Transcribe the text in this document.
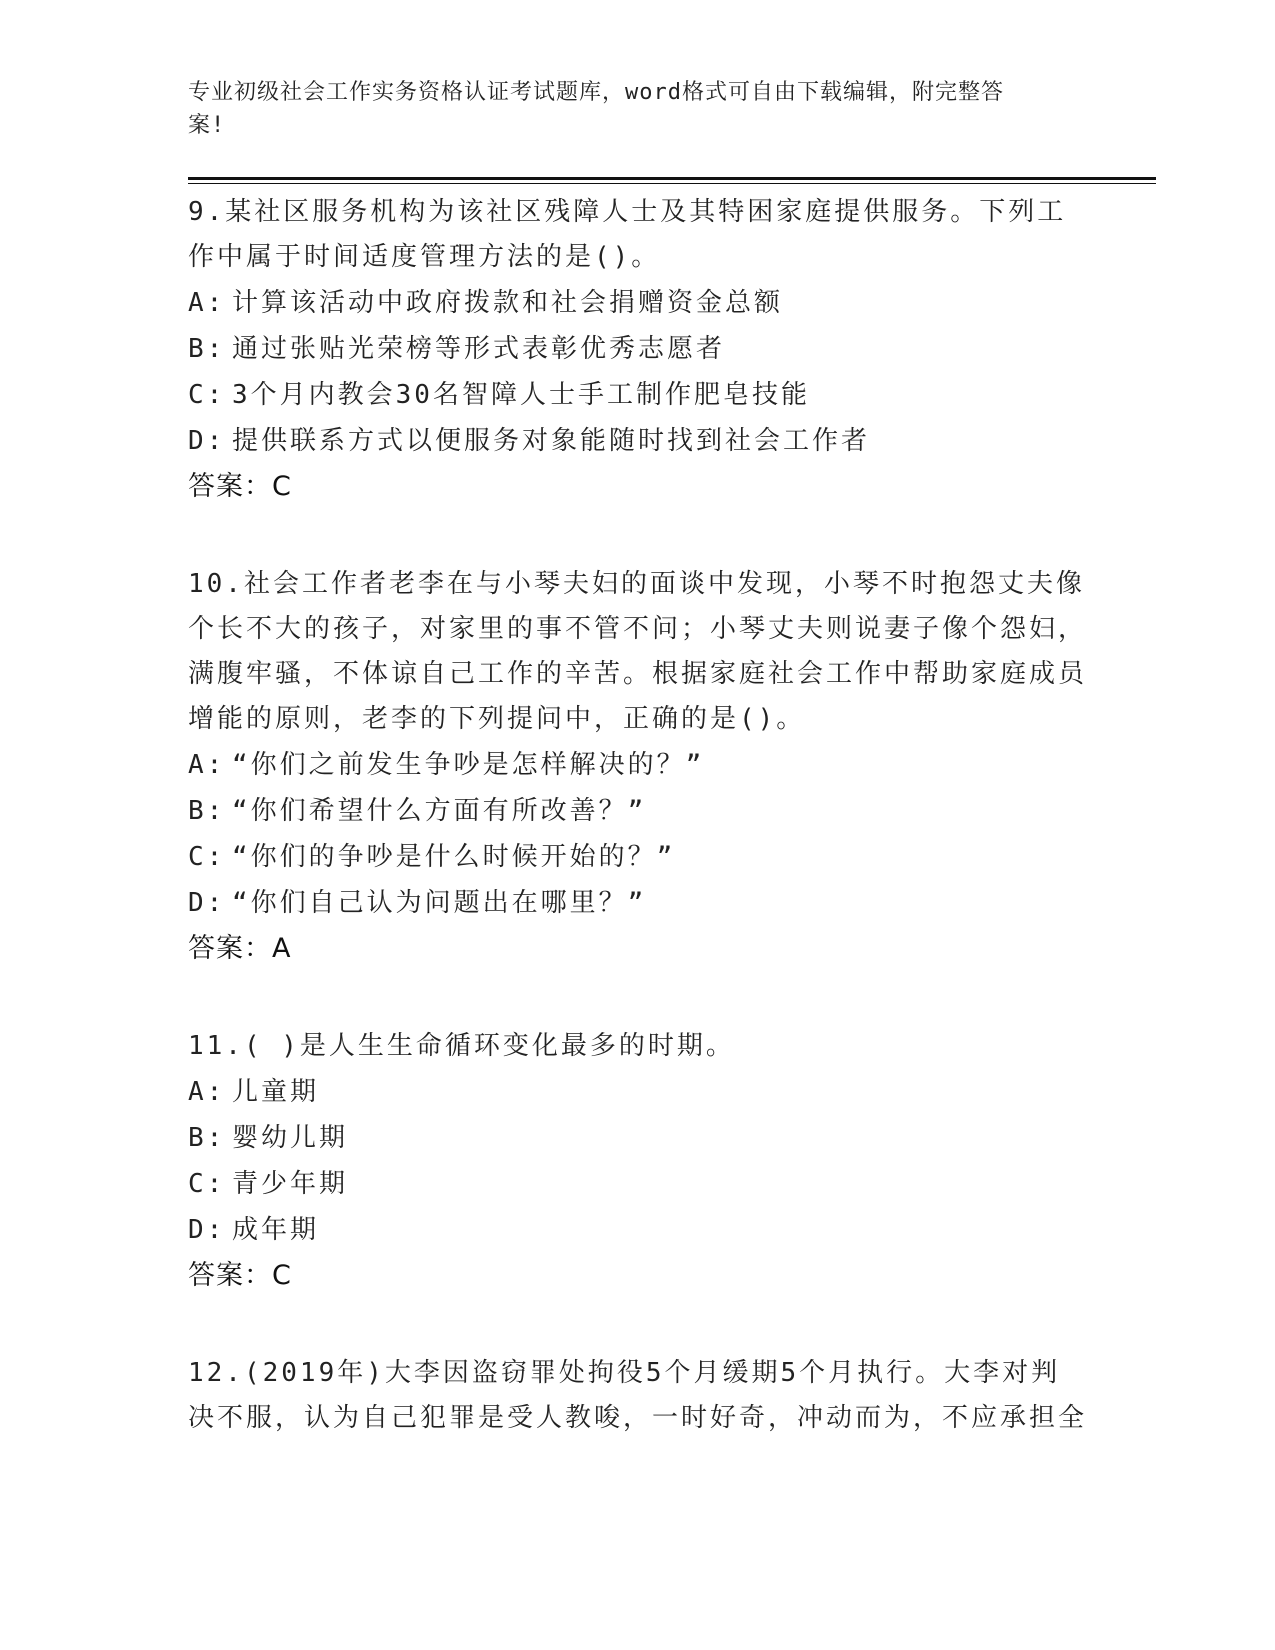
专业初级社会工作实务资格认证考试题库，word格式可自由下载编辑，附完整答
案!
9.某社区服务机构为该社区残障人士及其特困家庭提供服务。下列工作中属于时间适度管理方法的是()。
A: 计算该活动中政府拨款和社会捐赠资金总额
B: 通过张贴光荣榜等形式表彰优秀志愿者
C: 3个月内教会30名智障人士手工制作肥皂技能
D: 提供联系方式以便服务对象能随时找到社会工作者
答案：C
10.社会工作者老李在与小琴夫妇的面谈中发现，小琴不时抱怨丈夫像个长不大的孩子，对家里的事不管不问；小琴丈夫则说妻子像个怨妇，满腹牢骚，不体谅自己工作的辛苦。根据家庭社会工作中帮助家庭成员增能的原则，老李的下列提问中，正确的是()。
A: “你们之前发生争吵是怎样解决的？”
B: “你们希望什么方面有所改善？”
C: “你们的争吵是什么时候开始的？”
D: “你们自己认为问题出在哪里？”
答案：A
11.( )是人生生命循环变化最多的时期。
A: 儿童期
B: 婴幼儿期
C: 青少年期
D: 成年期
答案：C
12.(2019年)大李因盗窃罪处拘役5个月缓期5个月执行。大李对判决不服，认为自己犯罪是受人教唆，一时好奇，冲动而为，不应承担全
